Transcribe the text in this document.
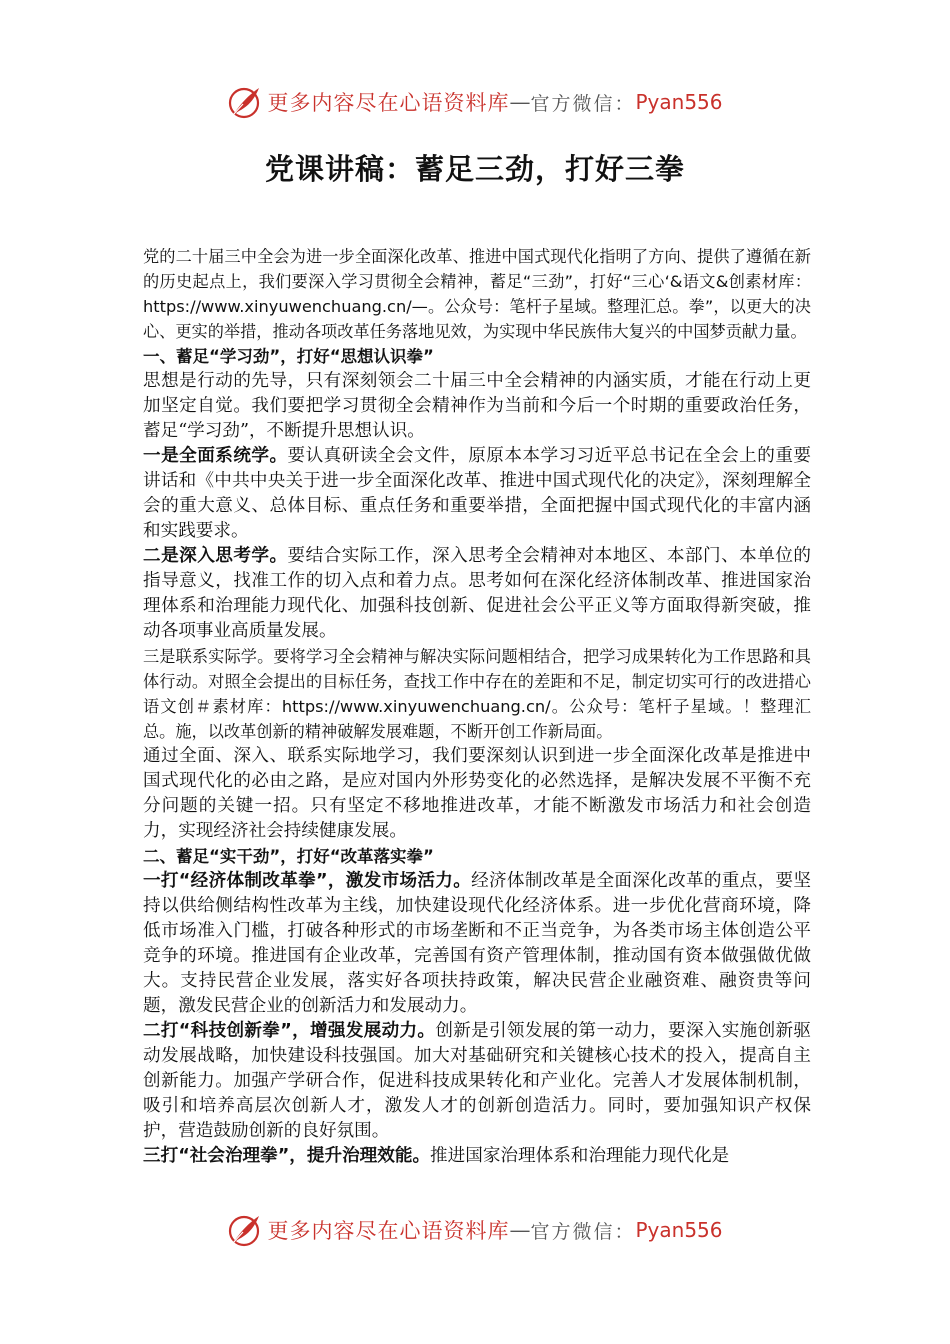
更多内容尽在心语资料库 — 官方微信： Pyan556
党课讲稿：蓄足三劲，打好三拳

党的二十届三中全会为进一步全面深化改革、推进中国式现代化指明了方向、提供了遵循在新的历史起点上，我们要深入学习贯彻全会精神，蓄足“三劲”，打好“三心‘&语文&创素材库：https://www.xinyuwenchuang.cn/—。公众号：笔杆子星域。整理汇总。拳”，以更大的决心、更实的举措，推动各项改革任务落地见效，为实现中华民族伟大复兴的中国梦贡献力量。

一、蓄足“学习劲”，打好“思想认识拳”

思想是行动的先导，只有深刻领会二十届三中全会精神的内涵实质，才能在行动上更加坚定自觉。我们要把学习贯彻全会精神作为当前和今后一个时期的重要政治任务，蓄足“学习劲”，不断提升思想认识。

一是全面系统学。要认真研读全会文件，原原本本学习习近平总书记在全会上的重要讲话和《中共中央关于进一步全面深化改革、推进中国式现代化的决定》，深刻理解全会的重大意义、总体目标、重点任务和重要举措，全面把握中国式现代化的丰富内涵和实践要求。

二是深入思考学。要结合实际工作，深入思考全会精神对本地区、本部门、本单位的指导意义，找准工作的切入点和着力点。思考如何在深化经济体制改革、推进国家治理体系和治理能力现代化、加强科技创新、促进社会公平正义等方面取得新突破，推动各项事业高质量发展。

三是联系实际学。要将学习全会精神与解决实际问题相结合，把学习成果转化为工作思路和具体行动。对照全会提出的目标任务，查找工作中存在的差距和不足，制定切实可行的改进措心语文创＃素材库：https://www.xinyuwenchuang.cn/。公众号：笔杆子星域。！整理汇总。施，以改革创新的精神破解发展难题，不断开创工作新局面。

通过全面、深入、联系实际地学习，我们要深刻认识到进一步全面深化改革是推进中国式现代化的必由之路，是应对国内外形势变化的必然选择，是解决发展不平衡不充分问题的关键一招。只有坚定不移地推进改革，才能不断激发市场活力和社会创造力，实现经济社会持续健康发展。

二、蓄足“实干劲”，打好“改革落实拳”

一打“经济体制改革拳”，激发市场活力。经济体制改革是全面深化改革的重点，要坚持以供给侧结构性改革为主线，加快建设现代化经济体系。进一步优化营商环境，降低市场准入门槛，打破各种形式的市场垄断和不正当竞争，为各类市场主体创造公平竞争的环境。推进国有企业改革，完善国有资产管理体制，推动国有资本做强做优做大。支持民营企业发展，落实好各项扶持政策，解决民营企业融资难、融资贵等问题，激发民营企业的创新活力和发展动力。

二打“科技创新拳”，增强发展动力。创新是引领发展的第一动力，要深入实施创新驱动发展战略，加快建设科技强国。加大对基础研究和关键核心技术的投入，提高自主创新能力。加强产学研合作，促进科技成果转化和产业化。完善人才发展体制机制，吸引和培养高层次创新人才，激发人才的创新创造活力。同时，要加强知识产权保护，营造鼓励创新的良好氛围。

三打“社会治理拳”，提升治理效能。推进国家治理体系和治理能力现代化是

更多内容尽在心语资料库 — 官方微信： Pyan556
